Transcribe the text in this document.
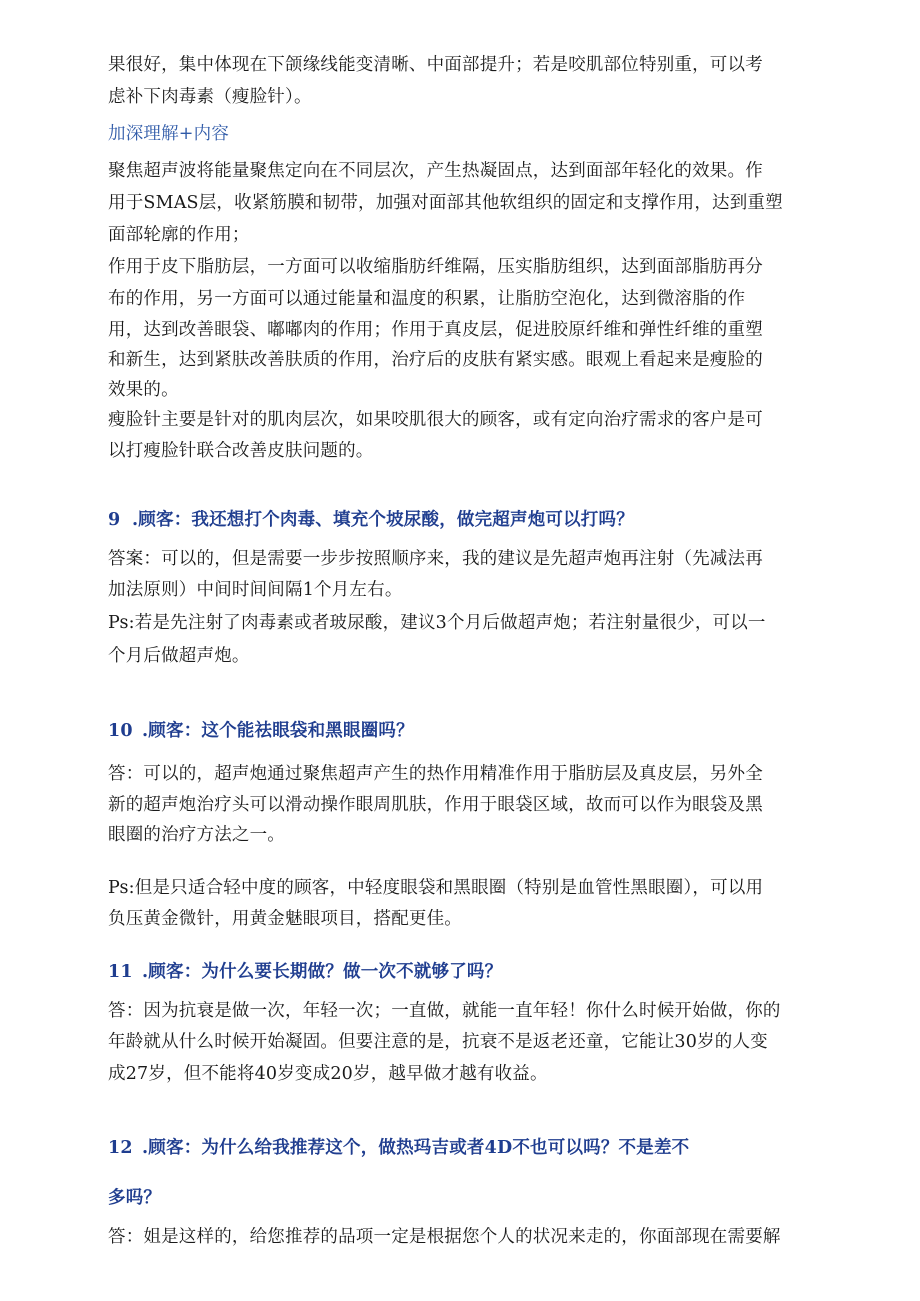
果很好，集中体现在下颌缘线能变清晰、中面部提升；若是咬肌部位特别重，可以考
虑补下肉毒素（瘦脸针）。
加深理解+内容
聚焦超声波将能量聚焦定向在不同层次，产生热凝固点，达到面部年轻化的效果。作
用于SMAS层，收紧筋膜和韧带，加强对面部其他软组织的固定和支撑作用，达到重塑
面部轮廓的作用；
作用于皮下脂肪层，一方面可以收缩脂肪纤维隔，压实脂肪组织，达到面部脂肪再分
布的作用，另一方面可以通过能量和温度的积累，让脂肪空泡化，达到微溶脂的作
用，达到改善眼袋、嘟嘟肉的作用；作用于真皮层，促进胶原纤维和弹性纤维的重塑
和新生，达到紧肤改善肤质的作用，治疗后的皮肤有紧实感。眼观上看起来是瘦脸的
效果的。
瘦脸针主要是针对的肌肉层次，如果咬肌很大的顾客，或有定向治疗需求的客户是可
以打瘦脸针联合改善皮肤问题的。
9 .顾客：我还想打个肉毒、填充个坡尿酸，做完超声炮可以打吗？
答案：可以的，但是需要一步步按照顺序来，我的建议是先超声炮再注射（先减法再
加法原则）中间时间间隔1个月左右。
Ps:若是先注射了肉毒素或者玻尿酸，建议3个月后做超声炮；若注射量很少，可以一
个月后做超声炮。
10 .顾客：这个能祛眼袋和黑眼圈吗？
答：可以的，超声炮通过聚焦超声产生的热作用精准作用于脂肪层及真皮层，另外全
新的超声炮治疗头可以滑动操作眼周肌肤，作用于眼袋区域，故而可以作为眼袋及黑
眼圈的治疗方法之一。
Ps:但是只适合轻中度的顾客，中轻度眼袋和黑眼圈（特别是血管性黑眼圈），可以用
负压黄金微针，用黄金魅眼项目，搭配更佳。
11 .顾客：为什么要长期做？做一次不就够了吗？
答：因为抗衰是做一次，年轻一次；一直做，就能一直年轻！你什么时候开始做，你的
年龄就从什么时候开始凝固。但要注意的是，抗衰不是返老还童，它能让30岁的人变
成27岁，但不能将40岁变成20岁，越早做才越有收益。
12 .顾客：为什么给我推荐这个，做热玛吉或者4D不也可以吗？不是差不
多吗？
答：姐是这样的，给您推荐的品项一定是根据您个人的状况来走的，你面部现在需要解
